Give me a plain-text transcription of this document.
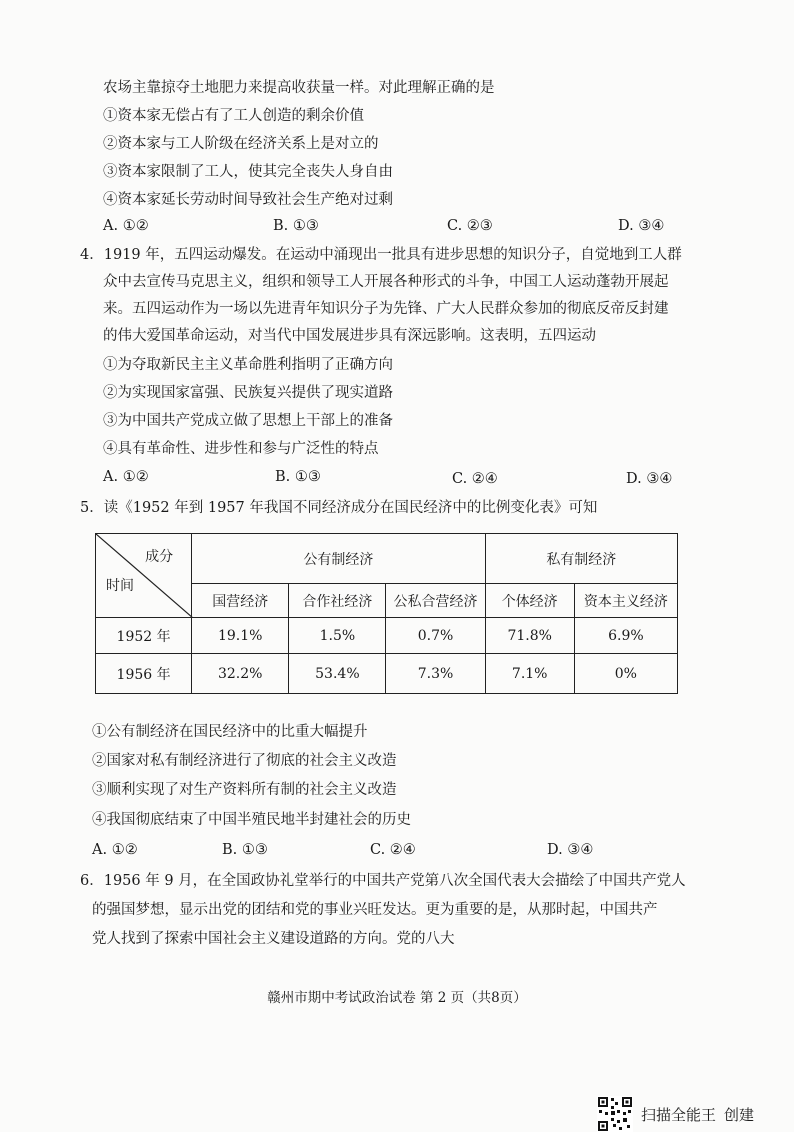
农场主靠掠夺土地肥力来提高收获量一样。对此理解正确的是
①资本家无偿占有了工人创造的剩余价值
②资本家与工人阶级在经济关系上是对立的
③资本家限制了工人，使其完全丧失人身自由
④资本家延长劳动时间导致社会生产绝对过剩
A. ①②	B. ①③	C. ②③	D. ③④
4．1919 年，五四运动爆发。在运动中涌现出一批具有进步思想的知识分子，自觉地到工人群
众中去宣传马克思主义，组织和领导工人开展各种形式的斗争，中国工人运动蓬勃开展起
来。五四运动作为一场以先进青年知识分子为先锋、广大人民群众参加的彻底反帝反封建
的伟大爱国革命运动，对当代中国发展进步具有深远影响。这表明，五四运动
①为夺取新民主主义革命胜利指明了正确方向
②为实现国家富强、民族复兴提供了现实道路
③为中国共产党成立做了思想上干部上的准备
④具有革命性、进步性和参与广泛性的特点
A. ①②	B. ①③	C. ②④	D. ③④
5．读《1952 年到 1957 年我国不同经济成分在国民经济中的比例变化表》可知
成分
时间	公有制经济			私有制经济	
	国营经济	合作社经济	公私合营经济	个体经济	资本主义经济
1952 年	19.1%	1.5%	0.7%	71.8%	6.9%
1956 年	32.2%	53.4%	7.3%	7.1%	0%
①公有制经济在国民经济中的比重大幅提升
②国家对私有制经济进行了彻底的社会主义改造
③顺利实现了对生产资料所有制的社会主义改造
④我国彻底结束了中国半殖民地半封建社会的历史
A. ①②	B. ①③	C. ②④	D. ③④
6．1956 年 9 月，在全国政协礼堂举行的中国共产党第八次全国代表大会描绘了中国共产党人
的强国梦想，显示出党的团结和党的事业兴旺发达。更为重要的是，从那时起，中国共产
党人找到了探索中国社会主义建设道路的方向。党的八大
赣州市期中考试政治试卷 第 2 页（共8页）
扫描全能王 创建
